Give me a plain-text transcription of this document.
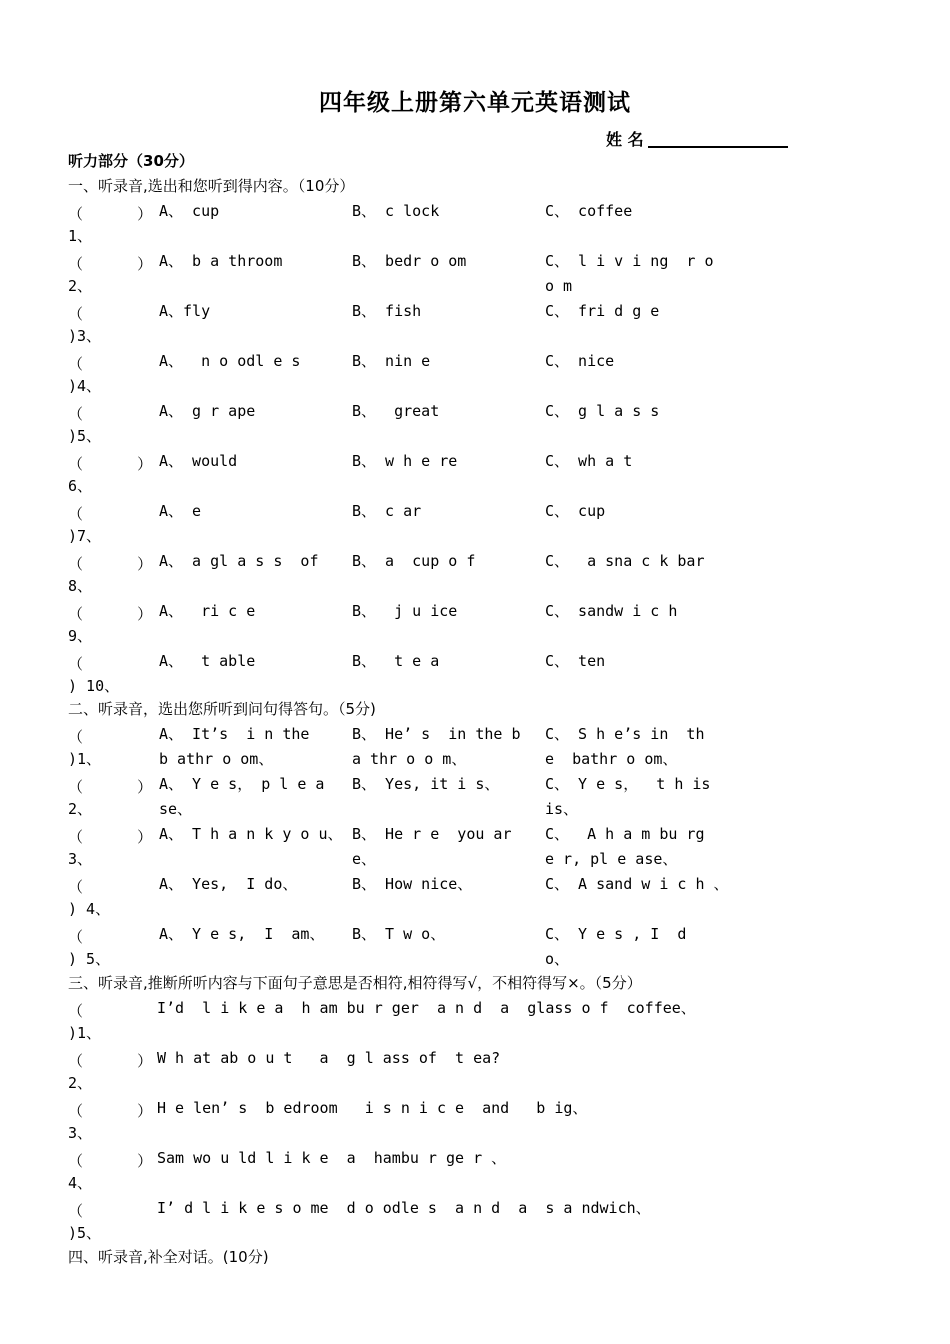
四年级上册第六单元英语测试
姓 名
听力部分（30分）
一、听录音,选出和您听到得内容。（10分）
（      ） A、 cup	B、 c lock	C、 coffee
1、
（      ） A、 b a throom	B、 bedr o om	C、 l i v i ng  r o
o m
2、
（	A、fly	B、 fish	C、 fri d g e
)3、
（	A、  n o odl e s	B、 nin e	C、 nice
)4、
（	A、 g r ape	B、  great	C、 g l a s s
)5、
（      ） A、 would	B、 w h e re	C、 wh a t
6、
（	A、 e	B、 c ar	C、 cup
)7、
（      ） A、 a gl a s s  of B、 a  cup o f	C、  a sna c k bar
8、
（      ） A、  ri c e	B、  j u ice	C、 sandw i c h
9、
（	A、  t able	B、  t e a	C、 ten
) 10、
二、听录音，选出您所听到问句得答句。（5分)
（	A、 It’s  i n the
b athr o om、
B、 He’ s  in the b
a thr o o m、
C、 S h e’s in  th
e  bathr o om、
)1、
（      ） A、 Y e s， p l e a
se、
B、 Yes, it i s、	C、 Y e s，  t h is
is、
2、
（      ） A、 T h a n k y o u、 B、 He r e  you ar
e、
C、  A h a m bu rg
e r, pl e ase、
3、
（	A、 Yes,  I do、	B、 How nice、	C、 A sand w i c h 、
) 4、
（	A、 Y e s,  I  am、 B、 T w o、	C、 Y e s , I  d
o、
) 5、
三、听录音,推断所听内容与下面句子意思是否相符,相符得写√，不相符得写×。（5分）
（	I’d  l i k e a  h am bu r ger  a n d  a  glass o f  coffee、
)1、
（      ） W h at ab o u t   a  g l ass of  t ea?
2、
（      ） H e len’ s  b edroom   i s n i c e  and   b ig、
3、
（      ） Sam wo u ld l i k e  a  hambu r ge r 、
4、
（	I’ d l i k e s o me  d o odle s  a n d  a  s a ndwich、
)5、
四、听录音,补全对话。(10分)
